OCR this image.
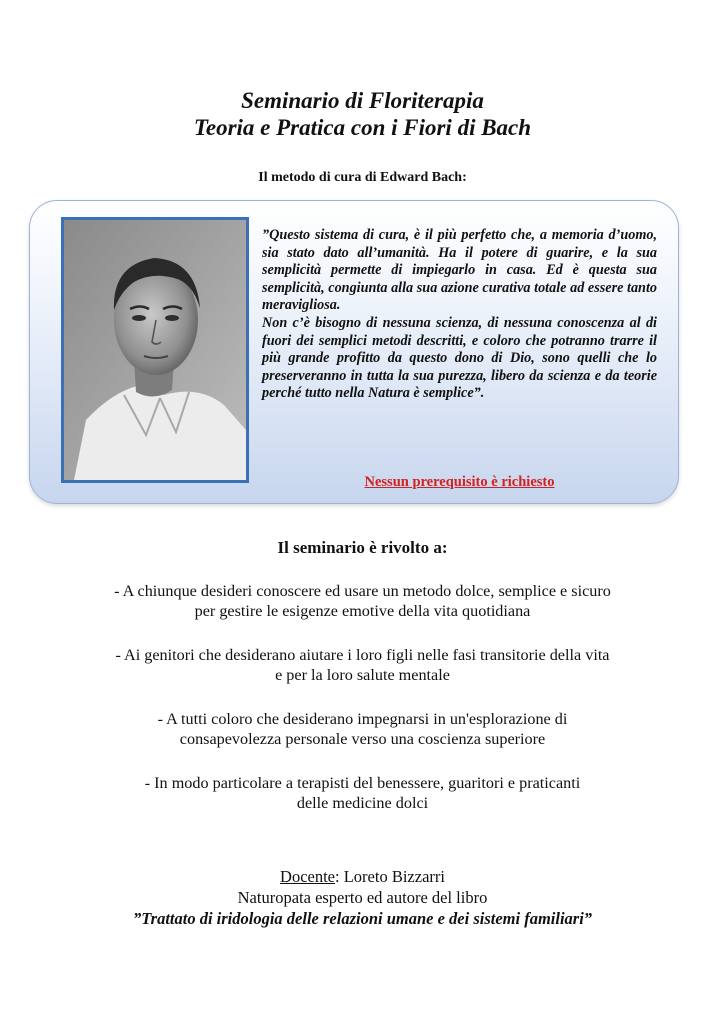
Seminario di Floriterapia
Teoria e Pratica con i Fiori di Bach
Il metodo di cura di Edward Bach:

”Questo sistema di cura, è il più perfetto che, a memoria d’uomo, sia stato dato all’umanità. Ha il potere di guarire, e la sua semplicità permette di impiegarlo in casa. Ed è questa sua semplicità, congiunta alla sua azione curativa totale ad essere tanto meravigliosa.

Non c’è bisogno di nessuna scienza, di nessuna conoscenza al di fuori dei semplici metodi descritti, e coloro che potranno trarre il più grande profitto da questo dono di Dio, sono quelli che lo preserveranno in tutta la sua purezza, libero da scienza e da teorie perché tutto nella Natura è semplice”.

Nessun prerequisito è richiesto
Il seminario è rivolto a:
- A chiunque desideri conoscere ed usare un metodo dolce, semplice e sicuro
per gestire le esigenze emotive della vita quotidiana
- Ai genitori che desiderano aiutare i loro figli nelle fasi transitorie della vita
e per la loro salute mentale
- A tutti coloro che desiderano impegnarsi in un'esplorazione di
consapevolezza personale verso una coscienza superiore
- In modo particolare a terapisti del benessere, guaritori e praticanti
delle medicine dolci
Docente: Loreto Bizzarri
Naturopata esperto ed autore del libro
”Trattato di iridologia delle relazioni umane e dei sistemi familiari”
